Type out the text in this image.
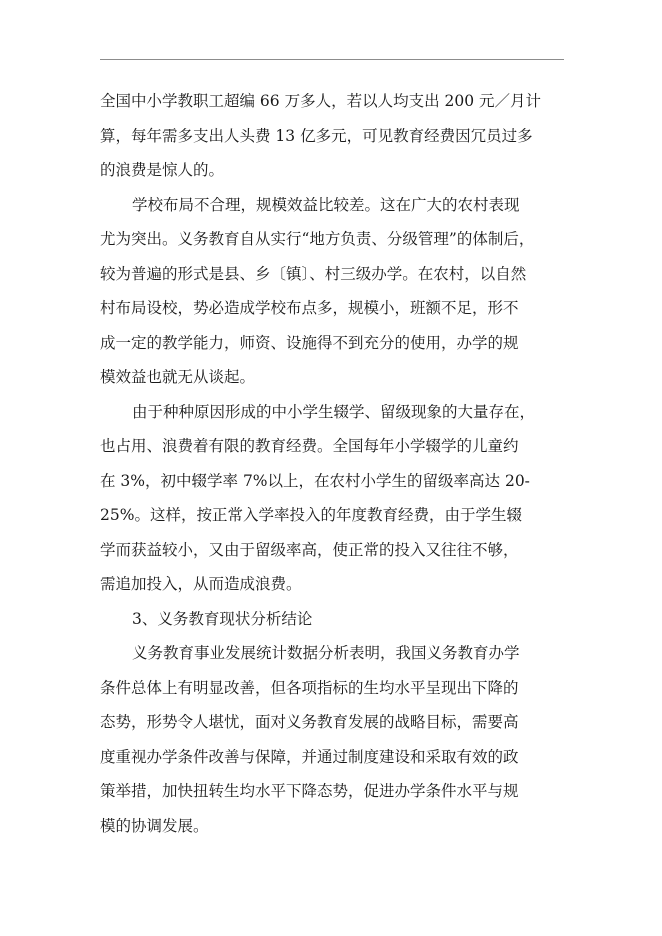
全国中小学教职工超编 66 万多人，若以人均支出 200 元／月计
算，每年需多支出人头费 13 亿多元，可见教育经费因冗员过多
的浪费是惊人的。

学校布局不合理，规模效益比较差。这在广大的农村表现
尤为突出。义务教育自从实行“地方负责、分级管理”的体制后，
较为普遍的形式是县、乡〔镇〕、村三级办学。在农村，以自然
村布局设校，势必造成学校布点多，规模小，班额不足，形不
成一定的教学能力，师资、设施得不到充分的使用，办学的规
模效益也就无从谈起。

由于种种原因形成的中小学生辍学、留级现象的大量存在，
也占用、浪费着有限的教育经费。全国每年小学辍学的儿童约
在 3%，初中辍学率 7%以上，在农村小学生的留级率高达 20-
25%。这样，按正常入学率投入的年度教育经费，由于学生辍
学而获益较小，又由于留级率高，使正常的投入又往往不够，
需追加投入，从而造成浪费。

3、义务教育现状分析结论

义务教育事业发展统计数据分析表明，我国义务教育办学
条件总体上有明显改善，但各项指标的生均水平呈现出下降的
态势，形势令人堪忧，面对义务教育发展的战略目标，需要高
度重视办学条件改善与保障，并通过制度建设和采取有效的政
策举措，加快扭转生均水平下降态势，促进办学条件水平与规
模的协调发展。
